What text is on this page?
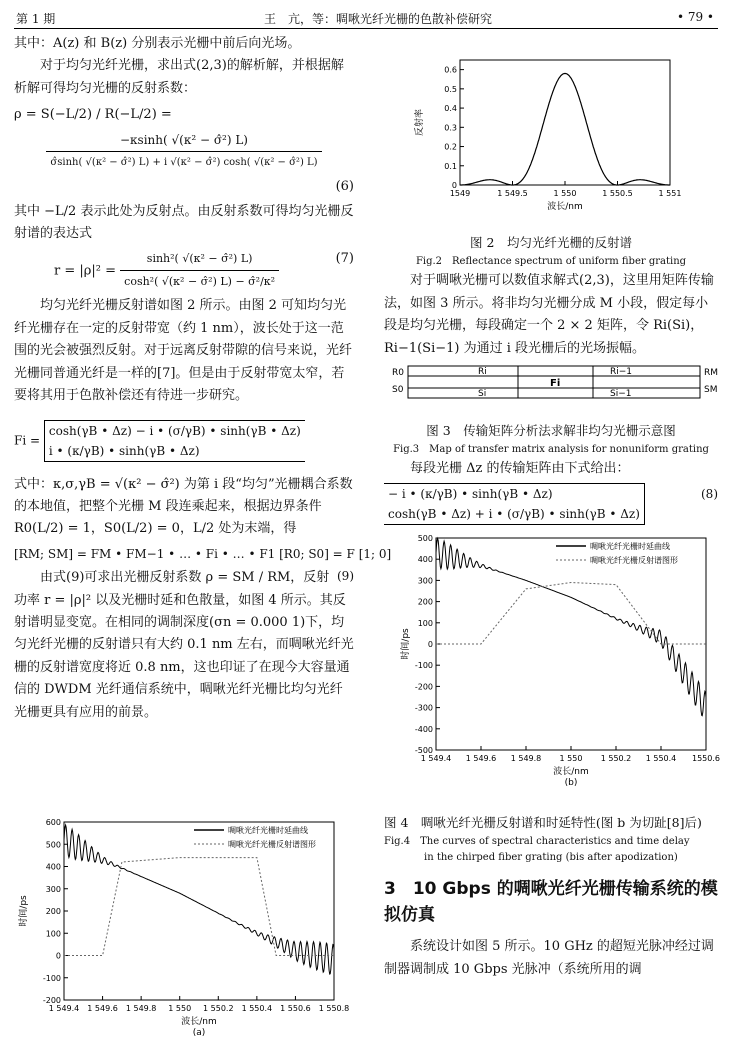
第 1 期	王　亢，等：啁啾光纤光栅的色散补偿研究	• 79 •

其中：A(z) 和 B(z) 分别表示光栅中前后向光场。

对于均匀光纤光栅，求出式(2,3)的解析解，并根据解析解可得均匀光栅的反射系数：

ρ = S(−L/2) / R(−L/2) =
$\frac{\text{−κsinh( √(κ² − σ̂²) L)}}{\text{σ̂sinh( √(κ² − σ̂²) L) + i √(κ² − σ̂²) cosh( √(κ² − σ̂²) L)}}$
(6)

其中 −L/2 表示此处为反射点。由反射系数可得均匀光栅反射谱的表达式

$r = |\rho|^2 = \frac{\text{sinh²( √(κ² − σ̂²) L)}}{\text{cosh²( √(κ² − σ̂²) L) − σ̂²/κ²}}$	(7)

均匀光纤光栅反射谱如图 2 所示。由图 2 可知均匀光纤光栅存在一定的反射带宽（约 1 nm），波长处于这一范围的光会被强烈反射。对于远离反射带隙的信号来说，光纤光栅同普通光纤是一样的[7]。但是由于反射带宽太窄，若要将其用于色散补偿还有待进一步研究。

Fi =
cosh(γB • Δz) − i • (σ/γB) • sinh(γB • Δz)
i • (κ/γB) • sinh(γB • Δz)

式中：κ,σ,γB = √(κ² − σ̂²) 为第 i 段“均匀”光栅耦合系数的本地值，把整个光栅 M 段连乘起来，根据边界条件 R0(L/2) = 1，S0(L/2) = 0，L/2 处为末端，得

[RM; SM] = FM • FM−1 • … • Fi • … • F1 [R0; S0] = F [1; 0]
(9)

由式(9)可求出光栅反射系数 ρ = SM / RM，反射功率 r = |ρ|² 以及光栅时延和色散量，如图 4 所示。其反射谱明显变宽。在相同的调制深度(σn = 0.000 1)下，均匀光纤光栅的反射谱只有大约 0.1 nm 左右，而啁啾光纤光栅的反射谱宽度将近 0.8 nm，这也印证了在现今大容量通信的 DWDM 光纤通信系统中，啁啾光纤光栅比均匀光纤光栅更具有应用的前景。

1 549.4 1 549.6 1 549.8 1 550 1 550.2 1 550.4 1 550.6 1 550.8
600
500
400
300
200
100
0
-100
-200
波长/nm
时间/ps
(a)
啁啾光纤光栅时延曲线
啁啾光纤光栅反射谱图形
1549	1 549.5	1 550	1 550.5	1 551
0
0.1
0.2
0.3
0.4
0.5
0.6
波长/nm
反射率

图 2　均匀光纤光栅的反射谱

Fig.2　Reflectance spectrum of uniform fiber grating

对于啁啾光栅可以数值求解式(2,3)，这里用矩阵传输法，如图 3 所示。将非均匀光栅分成 M 小段，假定每小段是均匀光栅，每段确定一个 2 × 2 矩阵，令 Ri(Si)，Ri−1(Si−1) 为通过 i 段光栅后的光场振幅。

R0
S0
Ri
Si
Fi
Ri−1
Si−1
RM
SM

图 3　传输矩阵分析法求解非均匀光栅示意图

Fig.3　Map of transfer matrix analysis for nonuniform grating

每段光栅 Δz 的传输矩阵由下式给出：

− i • (κ/γB) • sinh(γB • Δz)
cosh(γB • Δz) + i • (σ/γB) • sinh(γB • Δz)
(8)
1 549.4 1 549.6 1 549.8 1 550 1 550.2 1 550.4 1550.6
500
400
300
200
100
0
-100
-200
-300
-400
-500
波长/nm
时间/ps
(b)
啁啾光纤光栅时延曲线
啁啾光纤光栅反射谱图形

图 4　啁啾光纤光栅反射谱和时延特性(图 b 为切趾[8]后)

Fig.4　The curves of spectral characteristics and time delay

in the chirped fiber grating (bis after apodization)

3　10 Gbps 的啁啾光纤光栅传输系统的模拟仿真

系统设计如图 5 所示。10 GHz 的超短光脉冲经过调制器调制成 10 Gbps 光脉冲（系统所用的调
